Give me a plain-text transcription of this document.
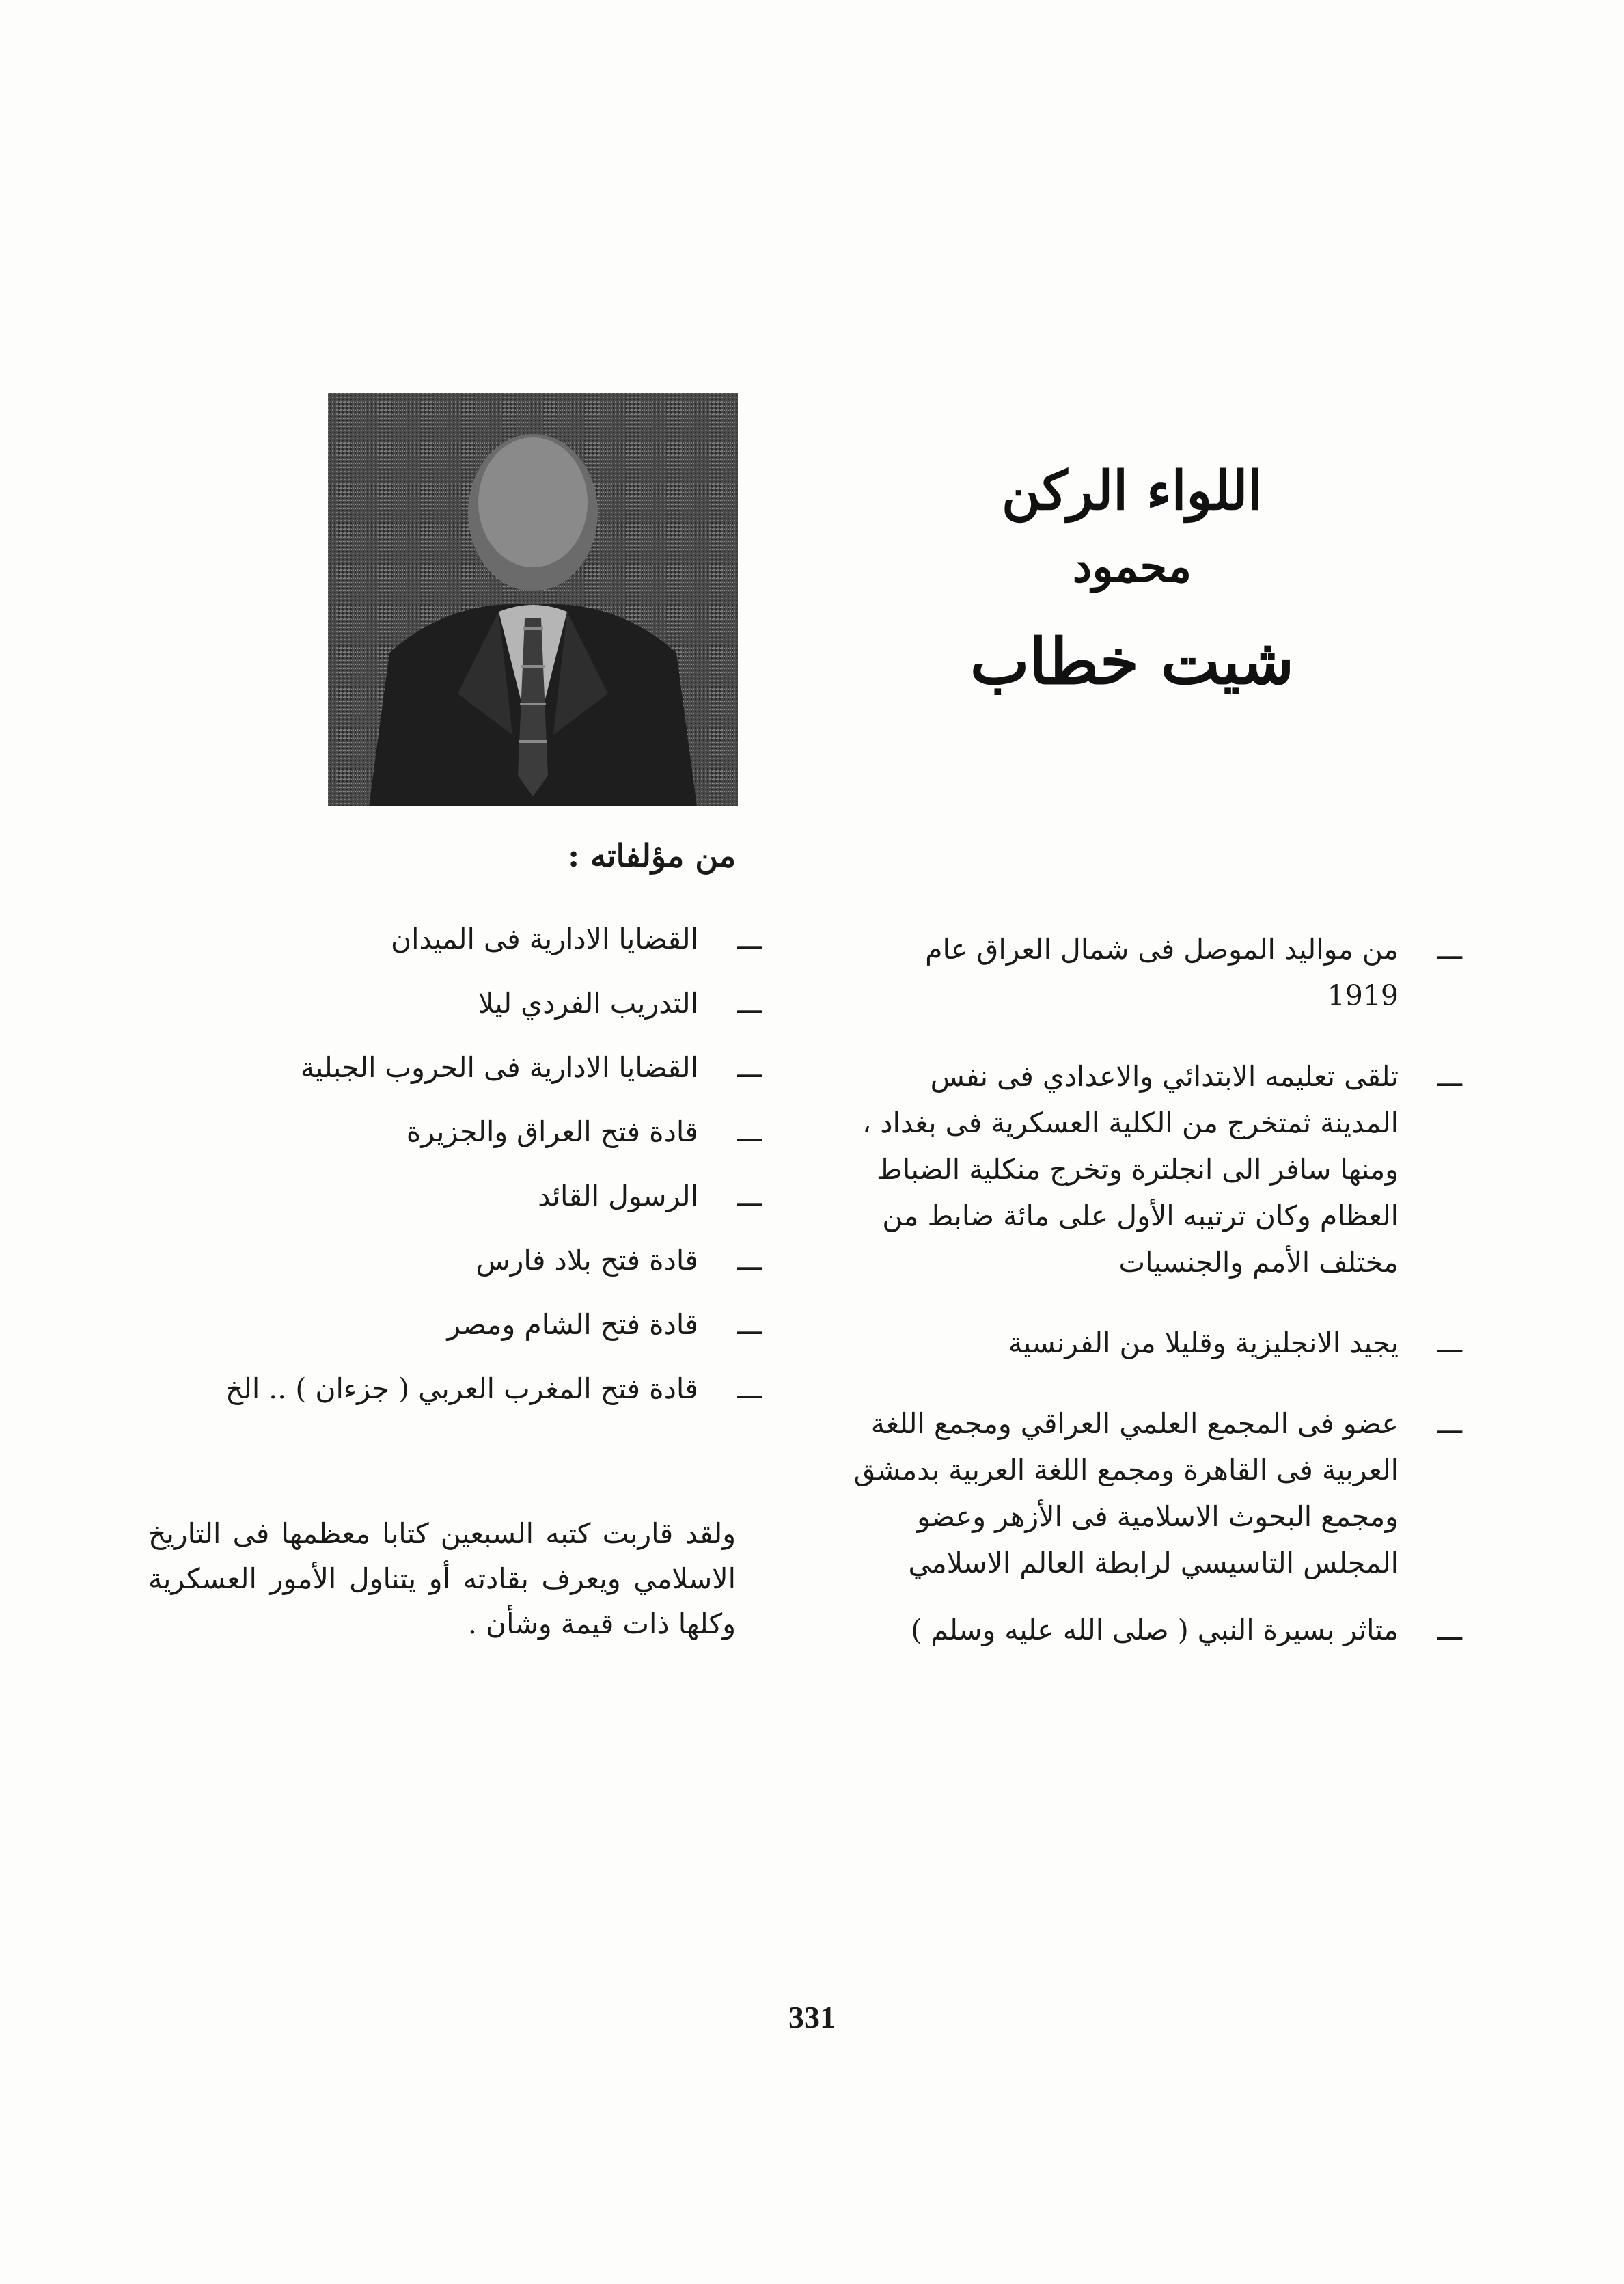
اللواء الركن
محمود
شيت خطاب
من مؤلفاته :
ـــ
من مواليد الموصل فى شمال العراق عام 1919
ـــ
تلقى تعليمه الابتدائي والاعدادي فى نفس المدينة ثمتخرج من الكلية العسكرية فى بغداد ، ومنها سافر الى انجلترة وتخرج منكلية الضباط العظام وكان ترتيبه الأول على مائة ضابط من مختلف الأمم والجنسيات
ـــ
يجيد الانجليزية وقليلا من الفرنسية
ـــ
عضو فى المجمع العلمي العراقي ومجمع اللغة العربية فى القاهرة ومجمع اللغة العربية بدمشق ومجمع البحوث الاسلامية فى الأزهر وعضو المجلس التاسيسي لرابطة العالم الاسلامي
ـــ
متاثر بسيرة النبي ( صلى الله عليه وسلم )
ـــ
القضايا الادارية فى الميدان
ـــ
التدريب الفردي ليلا
ـــ
القضايا الادارية فى الحروب الجبلية
ـــ
قادة فتح العراق والجزيرة
ـــ
الرسول القائد
ـــ
قادة فتح بلاد فارس
ـــ
قادة فتح الشام ومصر
ـــ
قادة فتح المغرب العربي ( جزءان ) .. الخ

ولقد قاربت كتبه السبعين كتابا معظمها فى التاريخ الاسلامي ويعرف بقادته أو يتناول الأمور العسكرية وكلها ذات قيمة وشأن .

331
